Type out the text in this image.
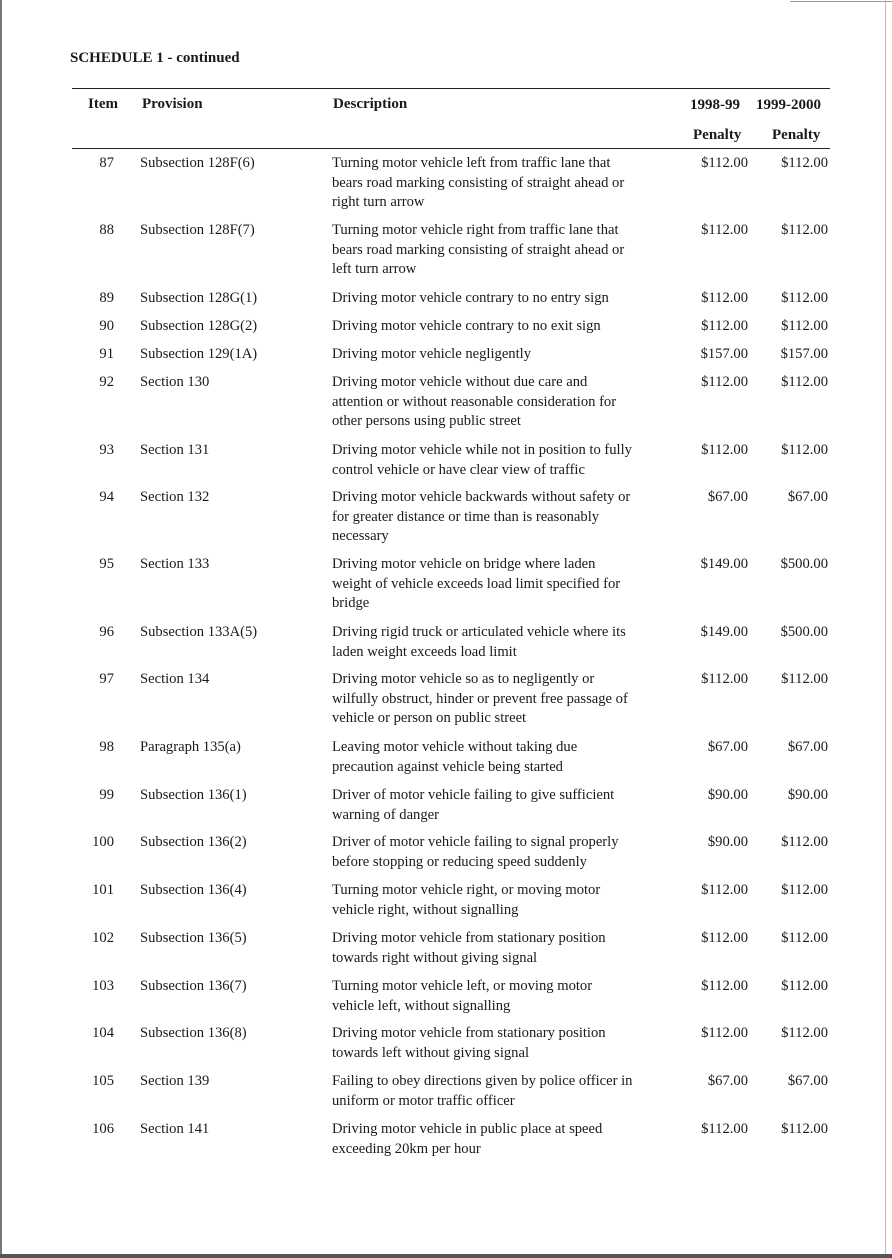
SCHEDULE 1 - continued
Item Provision	Description	1998-99 1999-2000
Penalty Penalty
87 Subsection 128F(6)	Turning motor vehicle left from traffic lane that
bears road marking consisting of straight ahead or
right turn arrow
$112.00	$112.00
88 Subsection 128F(7)	Turning motor vehicle right from traffic lane that
bears road marking consisting of straight ahead or
left turn arrow
$112.00	$112.00
89 Subsection 128G(1)	Driving motor vehicle contrary to no entry sign	$112.00	$112.00
90 Subsection 128G(2)	Driving motor vehicle contrary to no exit sign	$112.00	$112.00
91 Subsection 129(1A)	Driving motor vehicle negligently	$157.00	$157.00
92 Section 130	Driving motor vehicle without due care and
attention or without reasonable consideration for
other persons using public street
$112.00	$112.00
93 Section 131	Driving motor vehicle while not in position to fully
control vehicle or have clear view of traffic
$112.00	$112.00
94 Section 132	Driving motor vehicle backwards without safety or
for greater distance or time than is reasonably
necessary
$67.00	$67.00
95 Section 133	Driving motor vehicle on bridge where laden
weight of vehicle exceeds load limit specified for
bridge
$149.00	$500.00
96 Subsection 133A(5)	Driving rigid truck or articulated vehicle where its
laden weight exceeds load limit
$149.00	$500.00
97 Section 134	Driving motor vehicle so as to negligently or
wilfully obstruct, hinder or prevent free passage of
vehicle or person on public street
$112.00	$112.00
98 Paragraph 135(a)	Leaving motor vehicle without taking due
precaution against vehicle being started
$67.00	$67.00
99 Subsection 136(1)	Driver of motor vehicle failing to give sufficient
warning of danger
$90.00	$90.00
100 Subsection 136(2)	Driver of motor vehicle failing to signal properly
before stopping or reducing speed suddenly
$90.00	$112.00
101 Subsection 136(4)	Turning motor vehicle right, or moving motor
vehicle right, without signalling
$112.00	$112.00
102 Subsection 136(5)	Driving motor vehicle from stationary position
towards right without giving signal
$112.00	$112.00
103 Subsection 136(7)	Turning motor vehicle left, or moving motor
vehicle left, without signalling
$112.00	$112.00
104 Subsection 136(8)	Driving motor vehicle from stationary position
towards left without giving signal
$112.00	$112.00
105 Section 139	Failing to obey directions given by police officer in
uniform or motor traffic officer
$67.00	$67.00
106 Section 141	Driving motor vehicle in public place at speed
exceeding 20km per hour
$112.00	$112.00
